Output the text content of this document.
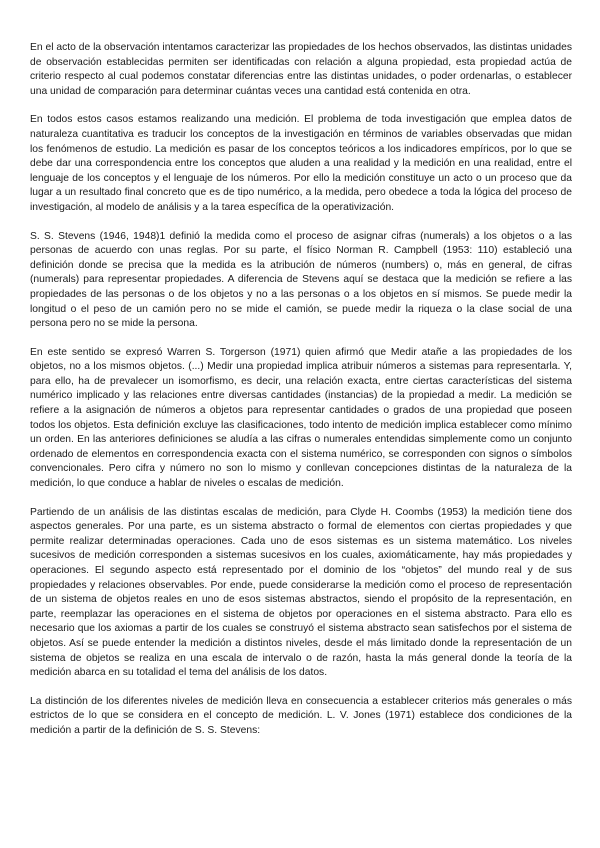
En el acto de la observación intentamos caracterizar las propiedades de los hechos observados, las distintas unidades de observación establecidas permiten ser identificadas con relación a alguna propiedad, esta propiedad actúa de criterio respecto al cual podemos constatar diferencias entre las distintas unidades, o poder ordenarlas, o establecer una unidad de comparación para determinar cuántas veces una cantidad está contenida en otra.

En todos estos casos estamos realizando una medición. El problema de toda investigación que emplea datos de naturaleza cuantitativa es traducir los conceptos de la investigación en términos de variables observadas que midan los fenómenos de estudio. La medición es pasar de los conceptos teóricos a los indicadores empíricos, por lo que se debe dar una correspondencia entre los conceptos que aluden a una realidad y la medición en una realidad, entre el lenguaje de los conceptos y el lenguaje de los números. Por ello la medición constituye un acto o un proceso que da lugar a un resultado final concreto que es de tipo numérico, a la medida, pero obedece a toda la lógica del proceso de investigación, al modelo de análisis y a la tarea específica de la operativización.

S. S. Stevens (1946, 1948)1 definió la medida como el proceso de asignar cifras (numerals) a los objetos o a las personas de acuerdo con unas reglas. Por su parte, el físico Norman R. Campbell (1953: 110) estableció una definición donde se precisa que la medida es la atribución de números (numbers) o, más en general, de cifras (numerals) para representar propiedades. A diferencia de Stevens aquí se destaca que la medición se refiere a las propiedades de las personas o de los objetos y no a las personas o a los objetos en sí mismos. Se puede medir la longitud o el peso de un camión pero no se mide el camión, se puede medir la riqueza o la clase social de una persona pero no se mide la persona.

En este sentido se expresó Warren S. Torgerson (1971) quien afirmó que Medir atañe a las propiedades de los objetos, no a los mismos objetos. (...) Medir una propiedad implica atribuir números a sistemas para representarla. Y, para ello, ha de prevalecer un isomorfismo, es decir, una relación exacta, entre ciertas características del sistema numérico implicado y las relaciones entre diversas cantidades (instancias) de la propiedad a medir. La medición se refiere a la asignación de números a objetos para representar cantidades o grados de una propiedad que poseen todos los objetos. Esta definición excluye las clasificaciones, todo intento de medición implica establecer como mínimo un orden. En las anteriores definiciones se aludía a las cifras o numerales entendidas simplemente como un conjunto ordenado de elementos en correspondencia exacta con el sistema numérico, se corresponden con signos o símbolos convencionales. Pero cifra y número no son lo mismo y conllevan concepciones distintas de la naturaleza de la medición, lo que conduce a hablar de niveles o escalas de medición.

Partiendo de un análisis de las distintas escalas de medición, para Clyde H. Coombs (1953) la medición tiene dos aspectos generales. Por una parte, es un sistema abstracto o formal de elementos con ciertas propiedades y que permite realizar determinadas operaciones. Cada uno de esos sistemas es un sistema matemático. Los niveles sucesivos de medición corresponden a sistemas sucesivos en los cuales, axiomáticamente, hay más propiedades y operaciones. El segundo aspecto está representado por el dominio de los “objetos” del mundo real y de sus propiedades y relaciones observables. Por ende, puede considerarse la medición como el proceso de representación de un sistema de objetos reales en uno de esos sistemas abstractos, siendo el propósito de la representación, en parte, reemplazar las operaciones en el sistema de objetos por operaciones en el sistema abstracto. Para ello es necesario que los axiomas a partir de los cuales se construyó el sistema abstracto sean satisfechos por el sistema de objetos. Así se puede entender la medición a distintos niveles, desde el más limitado donde la representación de un sistema de objetos se realiza en una escala de intervalo o de razón, hasta la más general donde la teoría de la medición abarca en su totalidad el tema del análisis de los datos.

La distinción de los diferentes niveles de medición lleva en consecuencia a establecer criterios más generales o más estrictos de lo que se considera en el concepto de medición. L. V. Jones (1971) establece dos condiciones de la medición a partir de la definición de S. S. Stevens:
